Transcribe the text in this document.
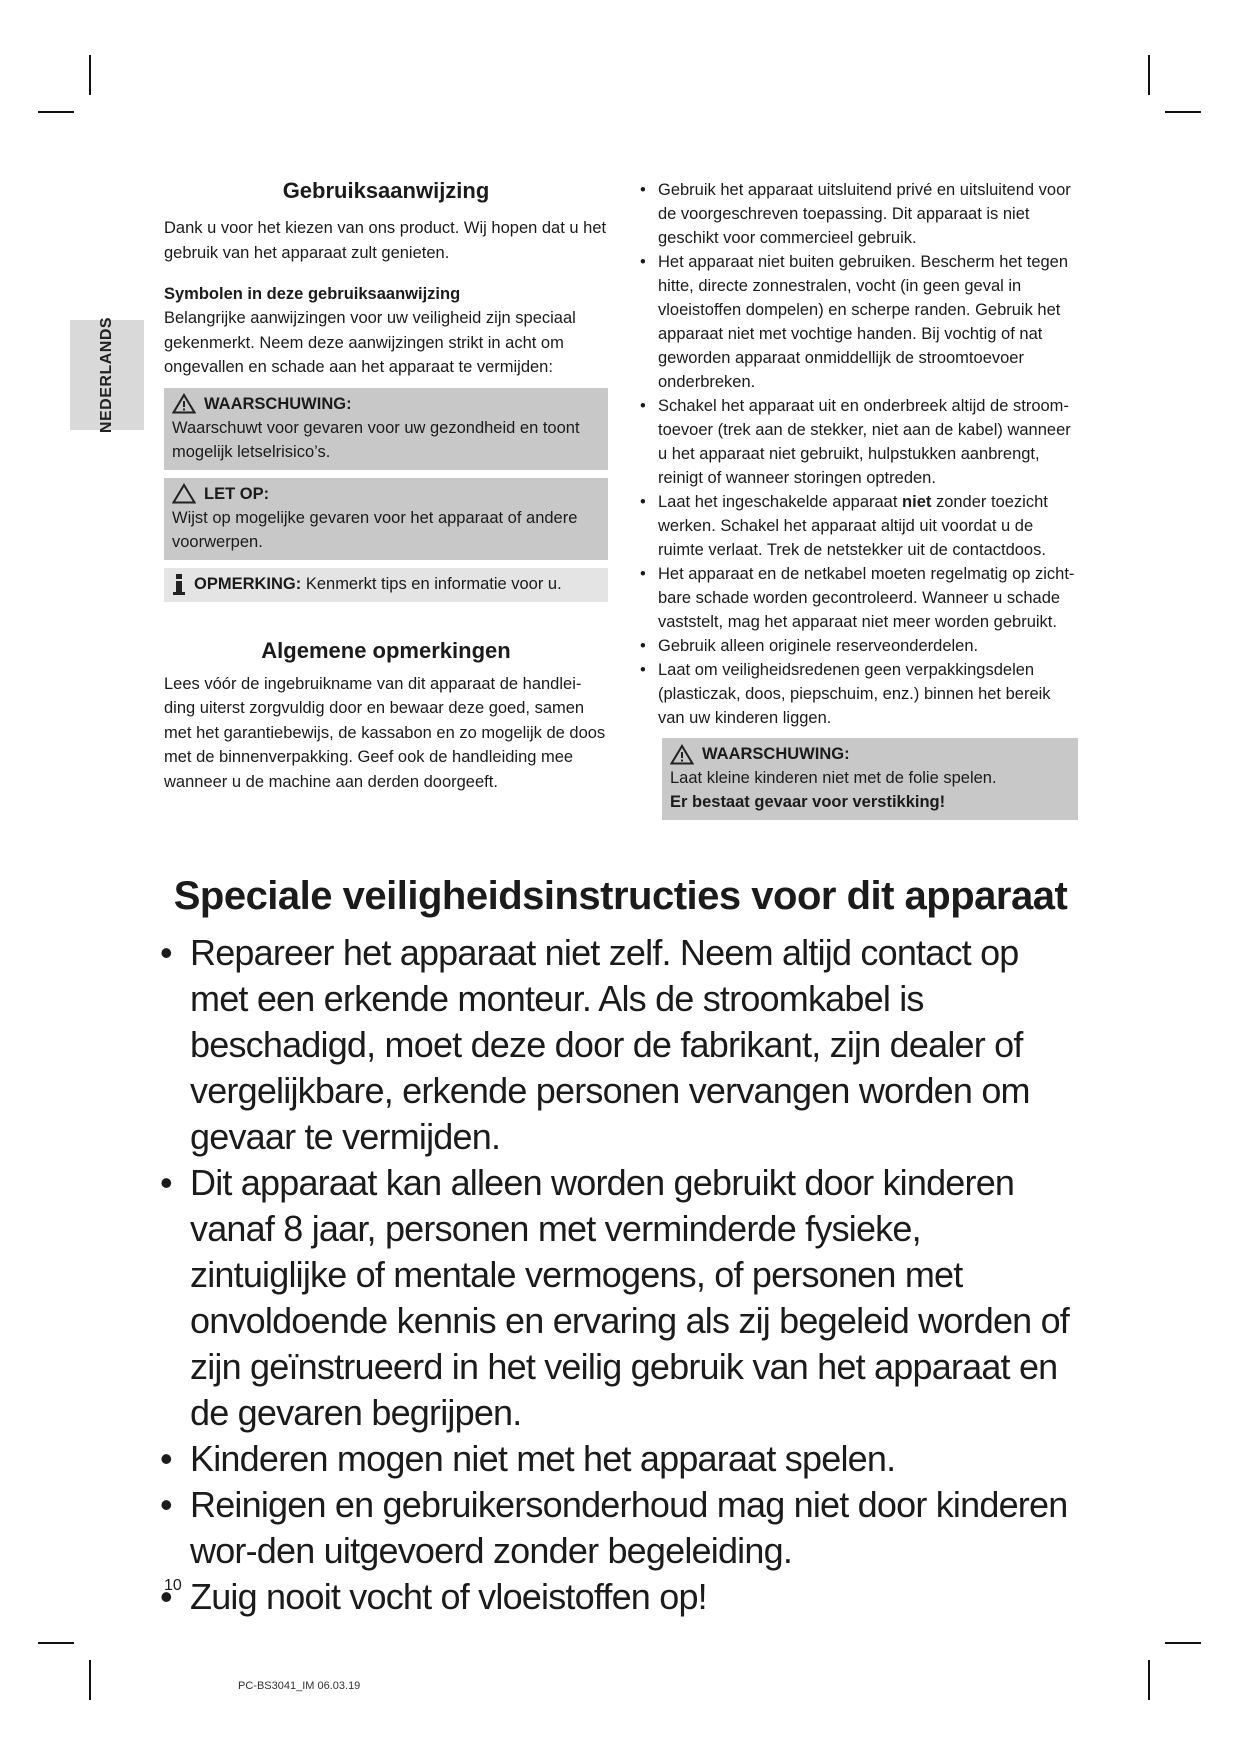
NEDERLANDS
Gebruiksaanwijzing

Dank u voor het kiezen van ons product. Wij hopen dat u het gebruik van het apparaat zult genieten.

Symbolen in deze gebruiksaanwijzing

Belangrijke aanwijzingen voor uw veiligheid zijn speciaal gekenmerkt. Neem deze aanwijzingen strikt in acht om ongevallen en schade aan het apparaat te vermijden:

WAARSCHUWING:

Waarschuwt voor gevaren voor uw gezondheid en toont mogelijk letselrisico’s.

LET OP:

Wijst op mogelijke gevaren voor het apparaat of andere voorwerpen.

OPMERKING: Kenmerkt tips en informatie voor u.
Algemene opmerkingen

Lees vóór de ingebruikname van dit apparaat de handlei-ding uiterst zorgvuldig door en bewaar deze goed, samen met het garantiebewijs, de kassabon en zo mogelijk de doos met de binnenverpakking. Geef ook de handleiding mee wanneer u de machine aan derden doorgeeft.

• Gebruik het apparaat uitsluitend privé en uitsluitend voor de voorgeschreven toepassing. Dit apparaat is niet geschikt voor commercieel gebruik.
• Het apparaat niet buiten gebruiken. Bescherm het tegen hitte, directe zonnestralen, vocht (in geen geval in vloeistoffen dompelen) en scherpe randen. Gebruik het apparaat niet met vochtige handen. Bij vochtig of nat geworden apparaat onmiddellijk de stroomtoevoer onderbreken.
• Schakel het apparaat uit en onderbreek altijd de stroom-toevoer (trek aan de stekker, niet aan de kabel) wanneer u het apparaat niet gebruikt, hulpstukken aanbrengt, reinigt of wanneer storingen optreden.
• Laat het ingeschakelde apparaat niet zonder toezicht werken. Schakel het apparaat altijd uit voordat u de ruimte verlaat. Trek de netstekker uit de contactdoos.
• Het apparaat en de netkabel moeten regelmatig op zicht-bare schade worden gecontroleerd. Wanneer u schade vaststelt, mag het apparaat niet meer worden gebruikt.
• Gebruik alleen originele reserveonderdelen.
• Laat om veiligheidsredenen geen verpakkingsdelen (plasticzak, doos, piepschuim, enz.) binnen het bereik van uw kinderen liggen.
WAARSCHUWING:

Laat kleine kinderen niet met de folie spelen.

Er bestaat gevaar voor verstikking!

Speciale veiligheidsinstructies voor dit apparaat
• Repareer het apparaat niet zelf. Neem altijd contact op met een erkende monteur. Als de stroomkabel is beschadigd, moet deze door de fabrikant, zijn dealer of vergelijkbare, erkende personen vervangen worden om gevaar te vermijden.
• Dit apparaat kan alleen worden gebruikt door kinderen vanaf 8 jaar, personen met verminderde fysieke, zintuiglijke of mentale vermogens, of personen met onvoldoende kennis en ervaring als zij begeleid worden of zijn geïnstrueerd in het veilig gebruik van het apparaat en de gevaren begrijpen.
• Kinderen mogen niet met het apparaat spelen.
• Reinigen en gebruikersonderhoud mag niet door kinderen wor-den uitgevoerd zonder begeleiding.
• Zuig nooit vocht of vloeistoffen op!
10
PC-BS3041_IM 06.03.19
